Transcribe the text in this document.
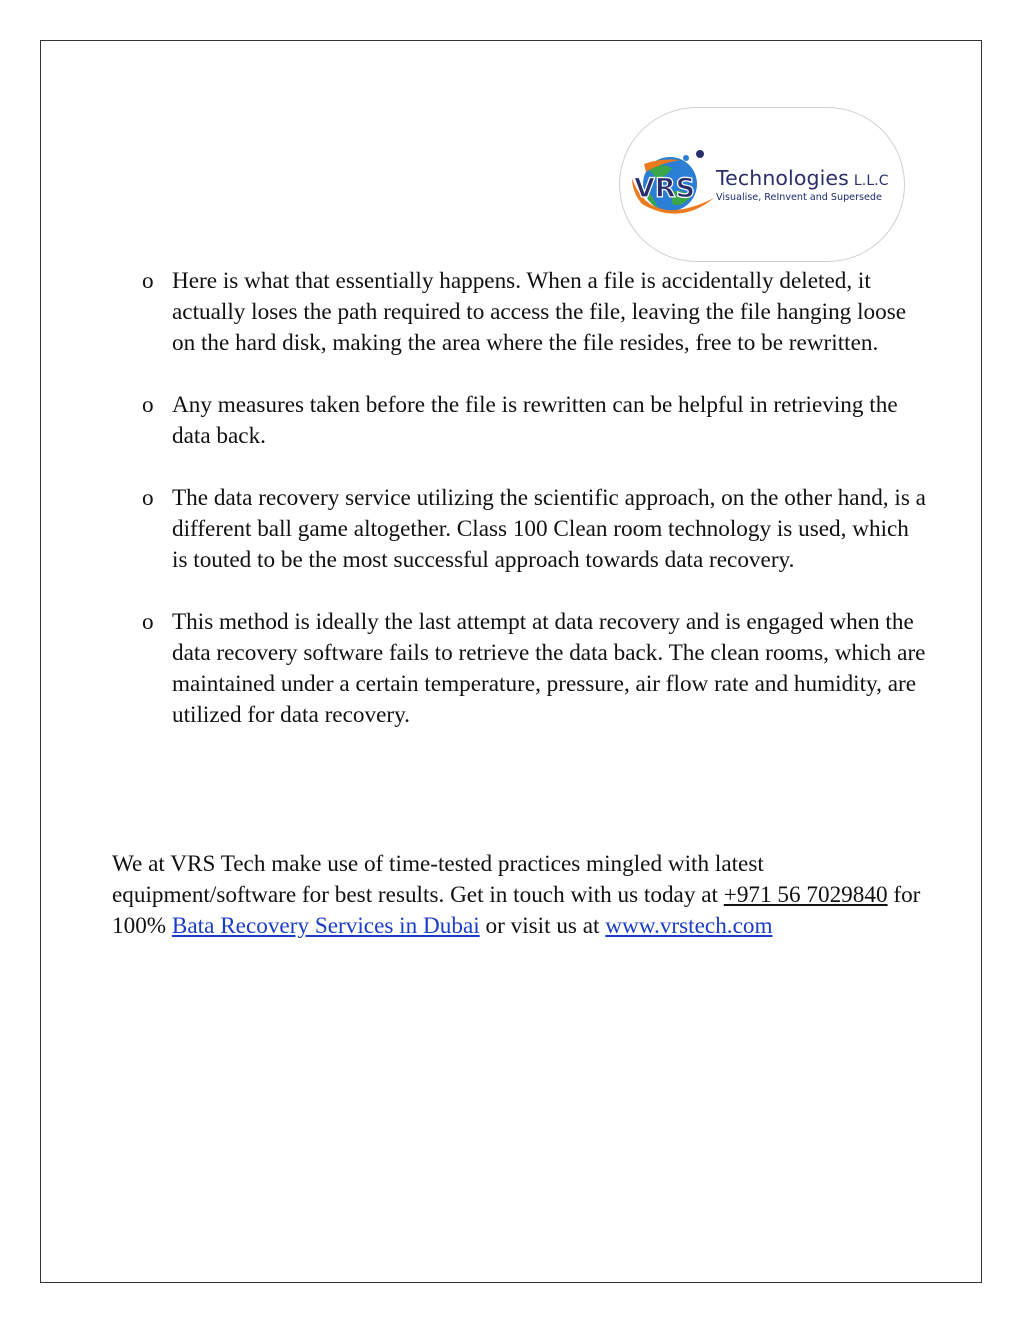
VRS Technologies L.L.C
Visualise, ReInvent and Supersede
o Here is what that essentially happens. When a file is accidentally deleted, it actually loses the path required to access the file, leaving the file hanging loose on the hard disk, making the area where the file resides, free to be rewritten.
o Any measures taken before the file is rewritten can be helpful in retrieving the data back.
o The data recovery service utilizing the scientific approach, on the other hand, is a different ball game altogether. Class 100 Clean room technology is used, which is touted to be the most successful approach towards data recovery.
o This method is ideally the last attempt at data recovery and is engaged when the data recovery software fails to retrieve the data back. The clean rooms, which are maintained under a certain temperature, pressure, air flow rate and humidity, are utilized for data recovery.

We at VRS Tech make use of time-tested practices mingled with latest equipment/software for best results. Get in touch with us today at +971 56 7029840 for 100% Bata Recovery Services in Dubai or visit us at www.vrstech.com
